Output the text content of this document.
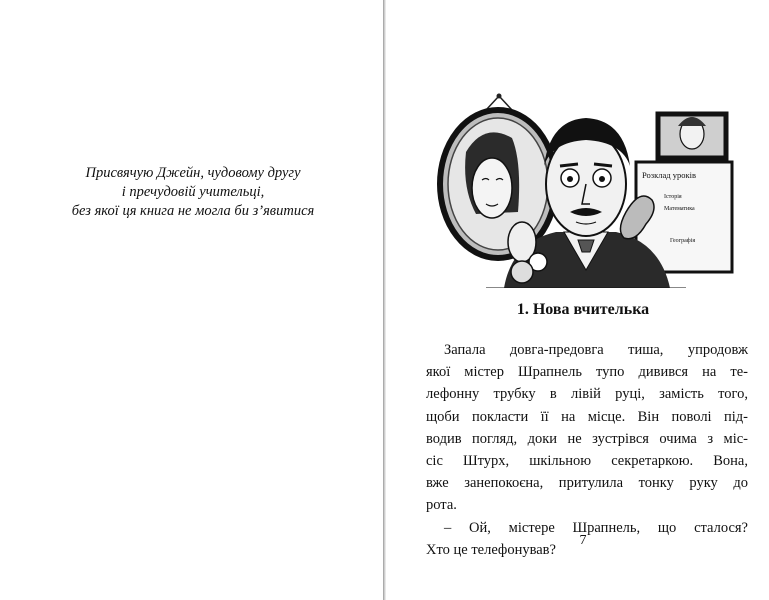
Присвячую Джейн, чудовому другу
і пречудовій учительці,
без якої ця книга не могла би з’явитися
Розклад уроків
Історія
Математика
Географія
1. Нова вчителька
Запала довга-предовга тиша, упродовж
якої містер Шрапнель тупо дивився на те-
лефонну трубку в лівій руці, замість того,
щоби покласти її на місце. Він поволі під-
водив погляд, доки не зустрівся очима з міс-
сіс Штурх, шкільною секретаркою. Вона,
вже занепокоєна, притулила тонку руку до
рота.
– Ой, містере Шрапнель, що сталося?
Хто це телефонував?
7
